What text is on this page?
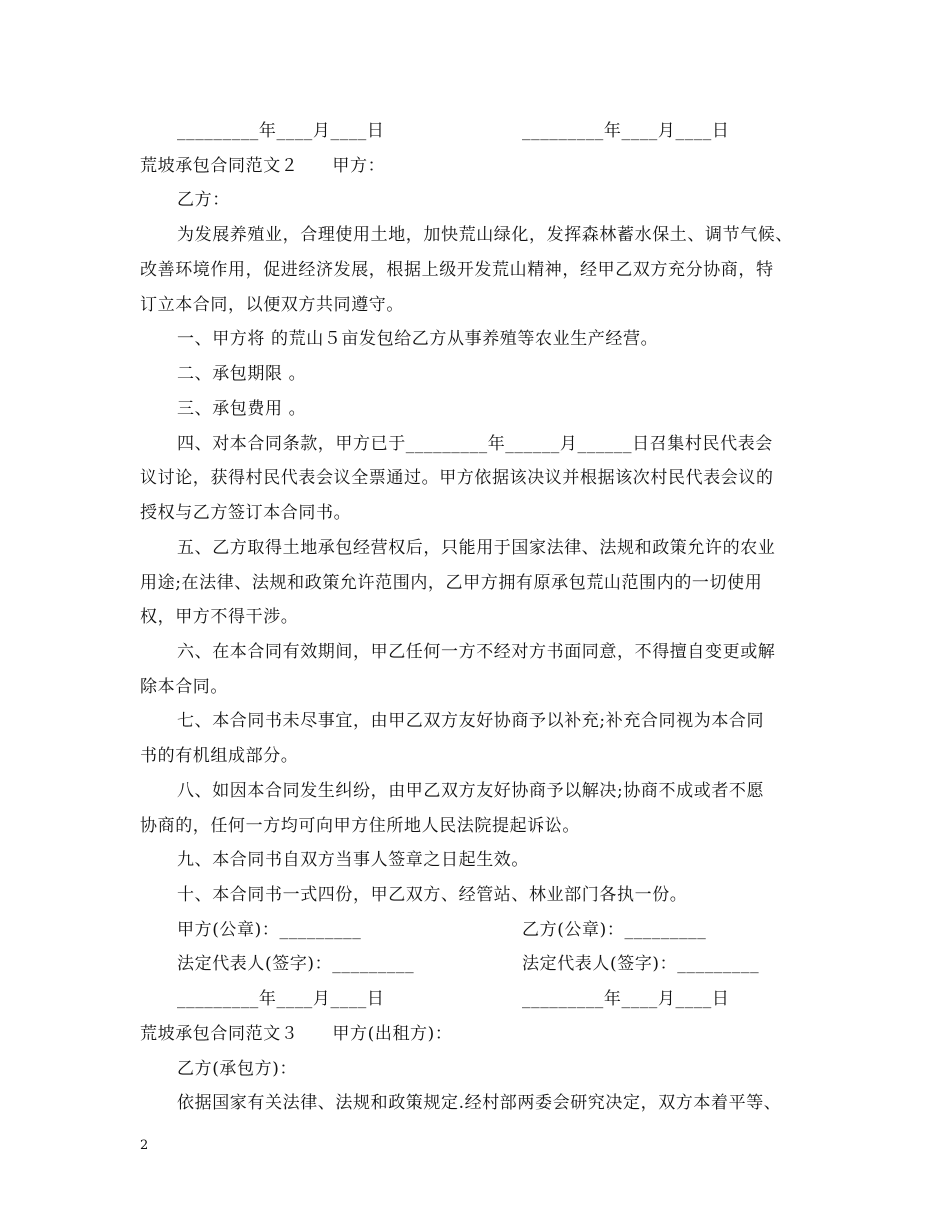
_________年____月____日	_________年____月____日
荒坡承包合同范文２ 甲方：
乙方：
为发展养殖业，合理使用土地，加快荒山绿化，发挥森林蓄水保土、调节气候、
改善环境作用，促进经济发展，根据上级开发荒山精神，经甲乙双方充分协商，特
订立本合同，以便双方共同遵守。
一、甲方将 的荒山５亩发包给乙方从事养殖等农业生产经营。
二、承包期限 。
三、承包费用 。
四、对本合同条款，甲方已于_________年______月______日召集村民代表会
议讨论，获得村民代表会议全票通过。甲方依据该决议并根据该次村民代表会议的
授权与乙方签订本合同书。
五、乙方取得土地承包经营权后，只能用于国家法律、法规和政策允许的农业
用途;在法律、法规和政策允许范围内，乙甲方拥有原承包荒山范围内的一切使用
权，甲方不得干涉。
六、在本合同有效期间，甲乙任何一方不经对方书面同意，不得擅自变更或解
除本合同。
七、本合同书未尽事宜，由甲乙双方友好协商予以补充;补充合同视为本合同
书的有机组成部分。
八、如因本合同发生纠纷，由甲乙双方友好协商予以解决;协商不成或者不愿
协商的，任何一方均可向甲方住所地人民法院提起诉讼。
九、本合同书自双方当事人签章之日起生效。
十、本合同书一式四份，甲乙双方、经管站、林业部门各执一份。
甲方(公章)：_________	乙方(公章)：_________
法定代表人(签字)：_________	法定代表人(签字)：_________
_________年____月____日	_________年____月____日
荒坡承包合同范文３ 甲方(出租方)：
乙方(承包方)：
依据国家有关法律、法规和政策规定.经村部两委会研究决定，双方本着平等、
2
